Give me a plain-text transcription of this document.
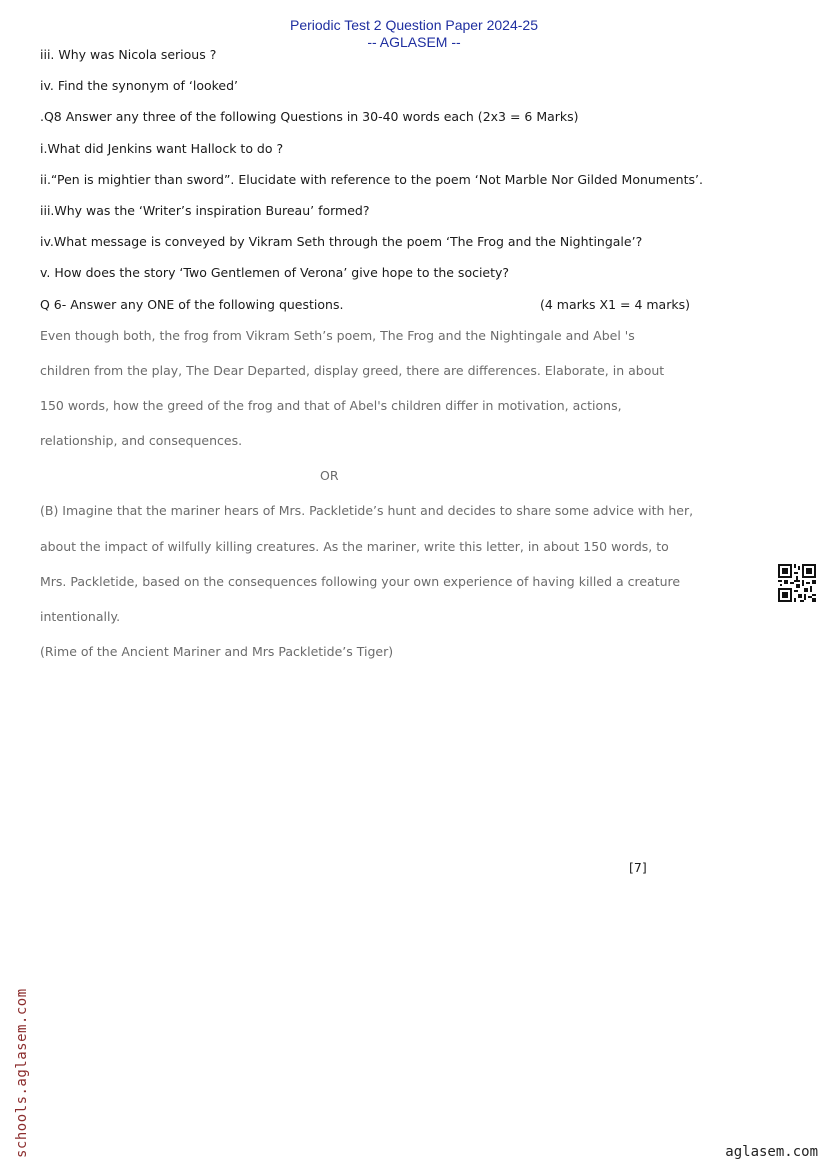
Periodic Test 2 Question Paper 2024-25
-- AGLASEM --
iii. Why was Nicola serious ?
iv. Find the synonym of ‘looked’
.Q8 Answer any three of the following Questions in 30-40 words each (2x3 = 6 Marks)
i.What did Jenkins want Hallock to do ?
ii.“Pen is mightier than sword”. Elucidate with reference to the poem ‘Not Marble Nor Gilded Monuments’.
iii.Why was the ‘Writer’s inspiration Bureau’ formed?
iv.What message is conveyed by Vikram Seth through the poem ‘The Frog and the Nightingale’?
v. How does the story ‘Two Gentlemen of Verona’ give hope to the society?
Q 6- Answer any ONE of the following questions.	(4 marks X1 = 4 marks)
Even though both, the frog from Vikram Seth’s poem, The Frog and the Nightingale and Abel 's
children from the play, The Dear Departed, display greed, there are differences. Elaborate, in about
150 words, how the greed of the frog and that of Abel's children differ in motivation, actions,
relationship, and consequences.
OR
(B) Imagine that the mariner hears of Mrs. Packletide’s hunt and decides to share some advice with her,
about the impact of wilfully killing creatures. As the mariner, write this letter, in about 150 words, to
Mrs. Packletide, based on the consequences following your own experience of having killed a creature
intentionally.
(Rime of the Ancient Mariner and Mrs Packletide’s Tiger)
[7]
schools.aglasem.com	aglasem.com
